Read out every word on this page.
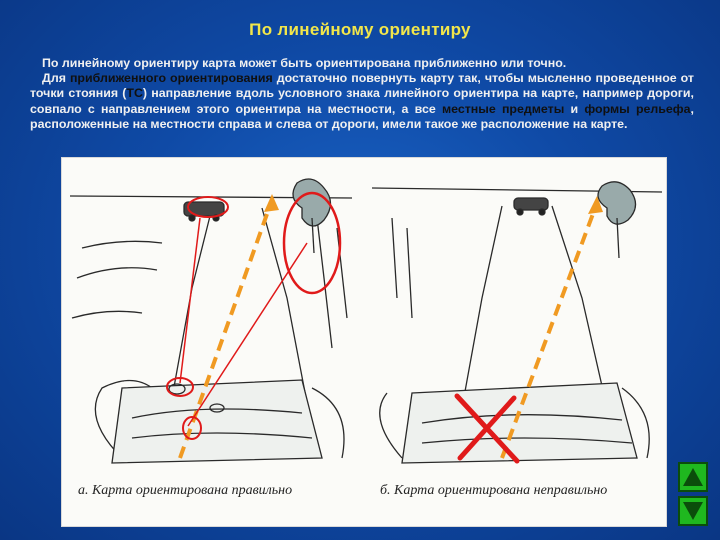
По линейному ориентиру

По линейному ориентиру карта может быть ориентирована приближенно или точно.

Для приближенного ориентирования достаточно повернуть карту так, чтобы мысленно проведенное от точки стояния (ТС) направление вдоль условного знака линейного ориентира на карте, например дороги, совпало с направлением этого ориентира на местности, а все местные предметы и формы рельефа, расположенные на местности справа и слева от дороги, имели такое же расположение на карте.

а. Карта ориентирована правильно	б. Карта ориентирована неправильно
